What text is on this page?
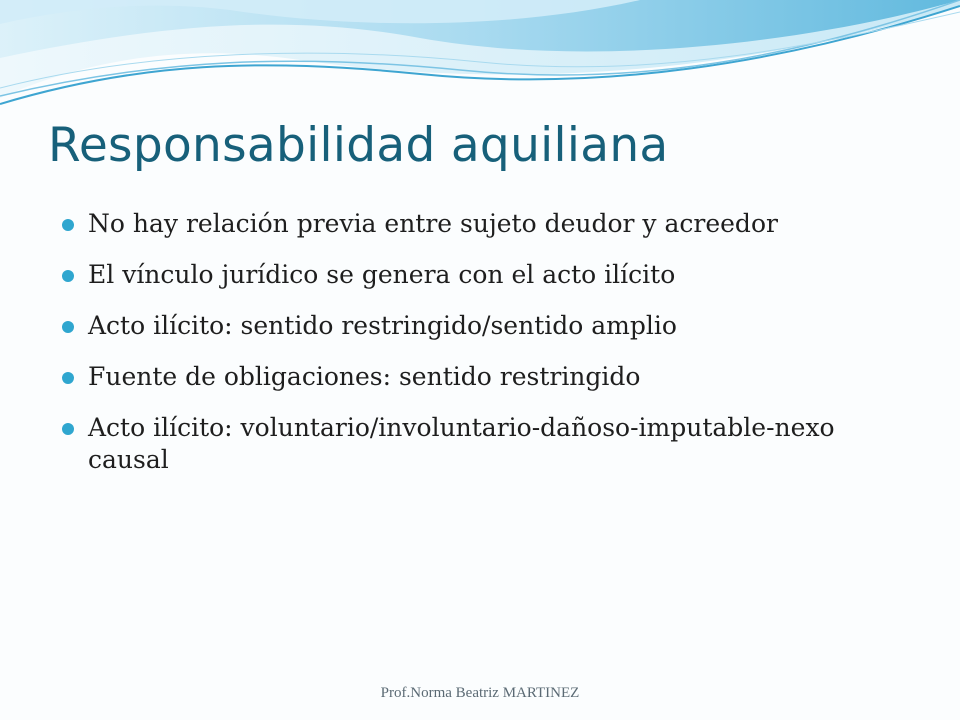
Responsabilidad aquiliana
No hay relación previa entre sujeto deudor y acreedor
El vínculo jurídico se genera con el acto ilícito
Acto ilícito: sentido restringido/sentido amplio
Fuente de obligaciones: sentido restringido
Acto ilícito: voluntario/involuntario-dañoso-imputable-nexo causal
Prof.Norma Beatriz MARTINEZ
